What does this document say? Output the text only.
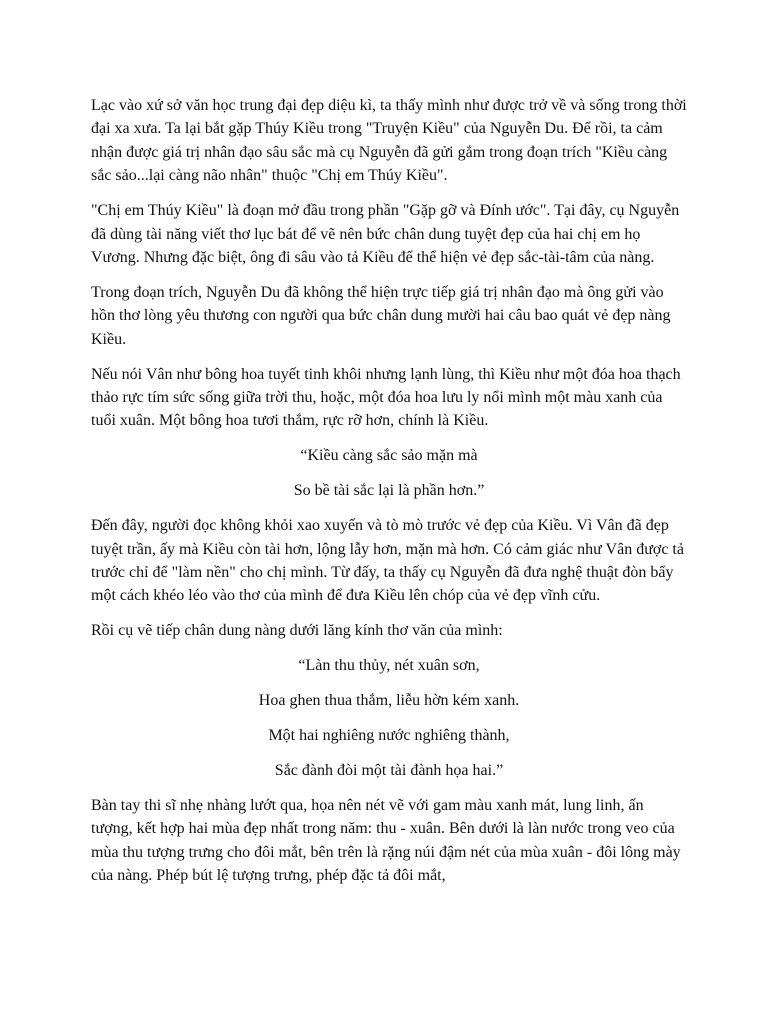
Lạc vào xứ sở văn học trung đại đẹp diệu kì, ta thấy mình như được trở về và sống trong thời đại xa xưa. Ta lại bắt gặp Thúy Kiều trong "Truyện Kiều" của Nguyễn Du. Để rồi, ta cảm nhận được giá trị nhân đạo sâu sắc mà cụ Nguyễn đã gửi gắm trong đoạn trích "Kiều càng sắc sảo...lại càng não nhân" thuộc "Chị em Thúy Kiều".

"Chị em Thúy Kiều" là đoạn mở đầu trong phần "Gặp gỡ và Đính ước". Tại đây, cụ Nguyễn đã dùng tài năng viết thơ lục bát để vẽ nên bức chân dung tuyệt đẹp của hai chị em họ Vương. Nhưng đặc biệt, ông đi sâu vào tả Kiều để thể hiện vẻ đẹp sắc-tài-tâm của nàng.

Trong đoạn trích, Nguyễn Du đã không thể hiện trực tiếp giá trị nhân đạo mà ông gửi vào hồn thơ lòng yêu thương con người qua bức chân dung mười hai câu bao quát vẻ đẹp nàng Kiều.

Nếu nói Vân như bông hoa tuyết tinh khôi nhưng lạnh lùng, thì Kiều như một đóa hoa thạch thảo rực tím sức sống giữa trời thu, hoặc, một đóa hoa lưu ly nổi mình một màu xanh của tuổi xuân. Một bông hoa tươi thắm, rực rỡ hơn, chính là Kiều.

“Kiều càng sắc sảo mặn mà

So bề tài sắc lại là phần hơn.”

Đến đây, người đọc không khỏi xao xuyến và tò mò trước vẻ đẹp của Kiều. Vì Vân đã đẹp tuyệt trần, ấy mà Kiều còn tài hơn, lộng lẫy hơn, mặn mà hơn. Có cảm giác như Vân được tả trước chỉ để "làm nền" cho chị mình. Từ đấy, ta thấy cụ Nguyễn đã đưa nghệ thuật đòn bẩy một cách khéo léo vào thơ của mình để đưa Kiều lên chóp của vẻ đẹp vĩnh cửu.

Rồi cụ vẽ tiếp chân dung nàng dưới lăng kính thơ văn của mình:

“Làn thu thủy, nét xuân sơn,

Hoa ghen thua thắm, liễu hờn kém xanh.

Một hai nghiêng nước nghiêng thành,

Sắc đành đòi một tài đành họa hai.”

Bàn tay thi sĩ nhẹ nhàng lướt qua, họa nên nét vẽ với gam màu xanh mát, lung linh, ấn tượng, kết hợp hai mùa đẹp nhất trong năm: thu - xuân. Bên dưới là làn nước trong veo của mùa thu tượng trưng cho đôi mắt, bên trên là rặng núi đậm nét của mùa xuân - đôi lông mày của nàng. Phép bút lệ tượng trưng, phép đặc tả đôi mắt,
